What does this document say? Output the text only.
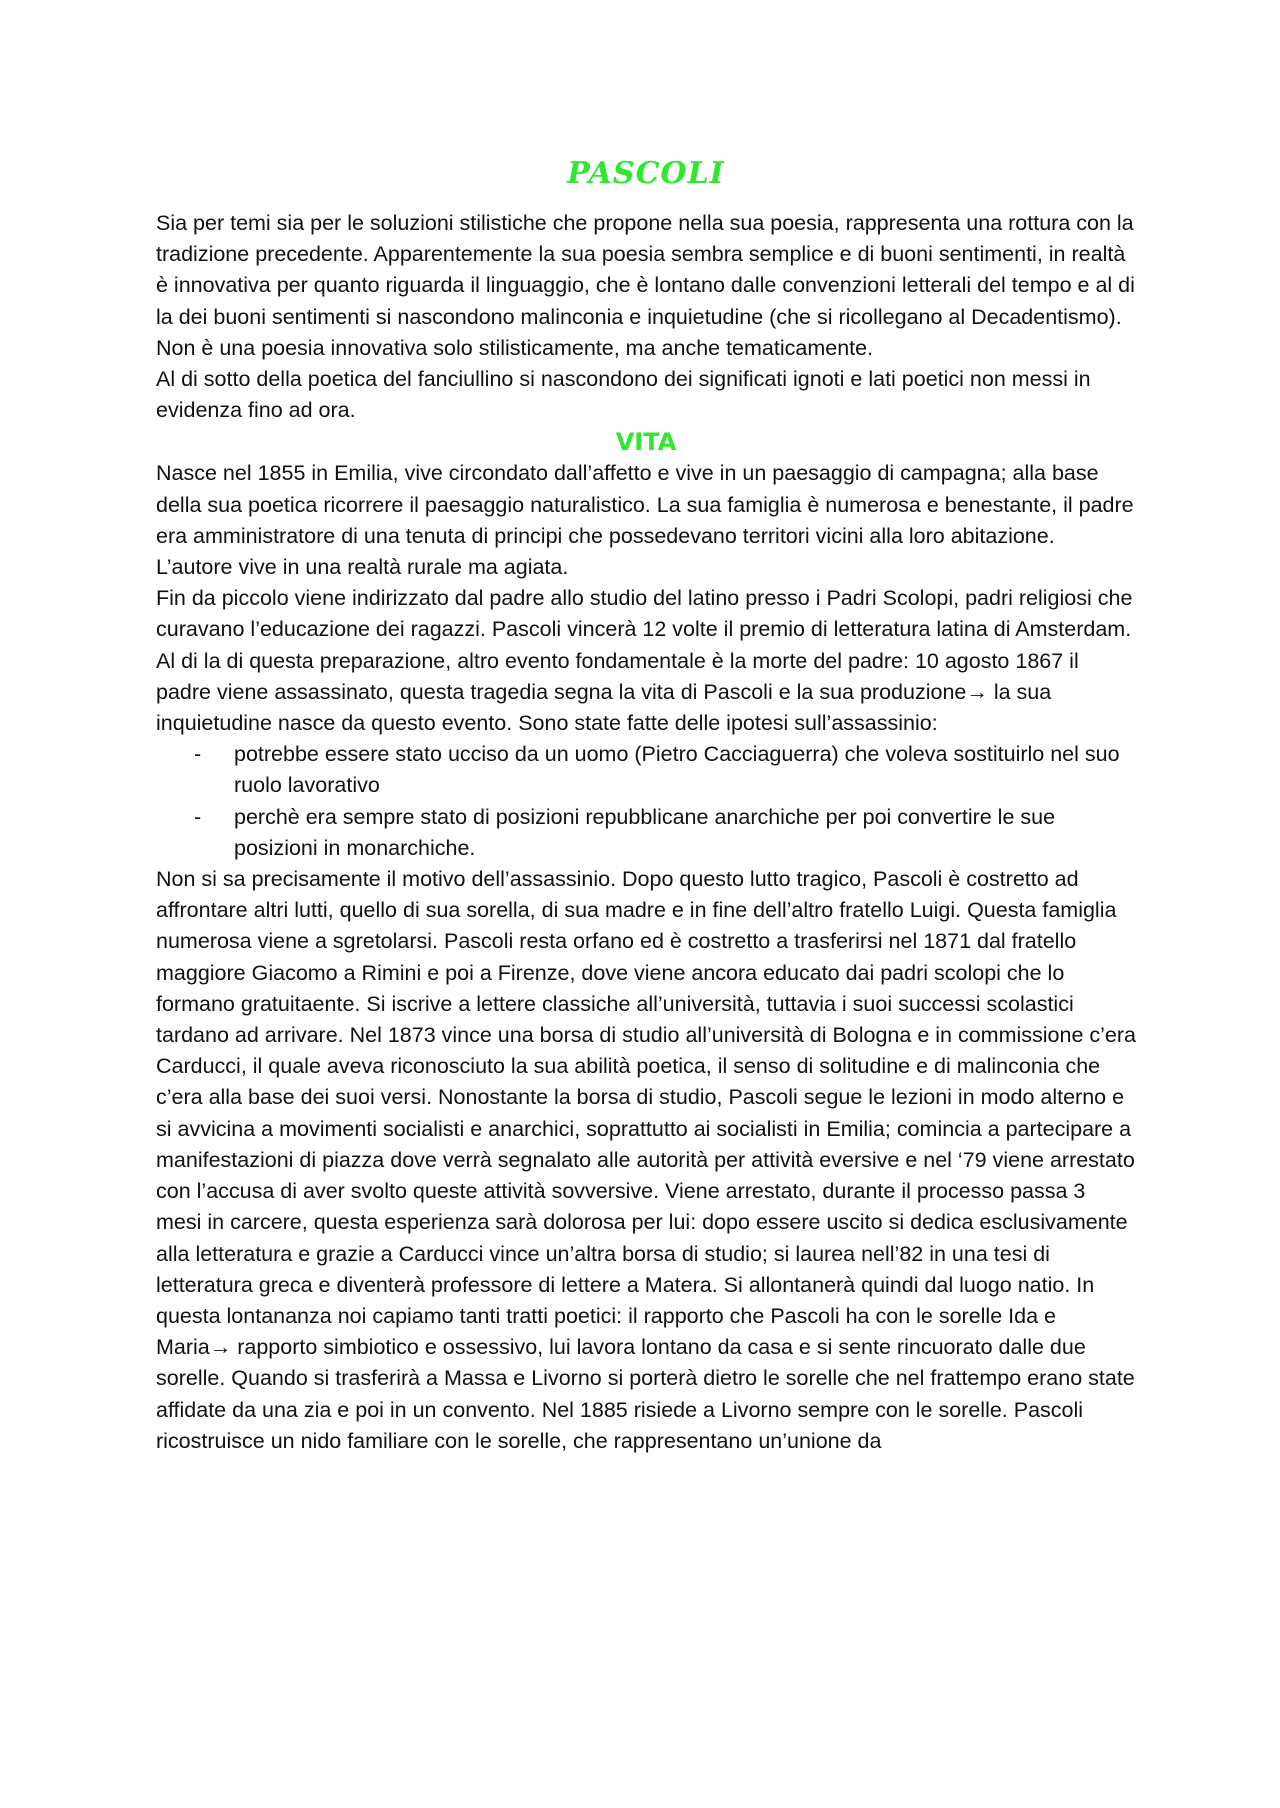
PASCOLI

Sia per temi sia per le soluzioni stilistiche che propone nella sua poesia, rappresenta una rottura con la tradizione precedente. Apparentemente la sua poesia sembra semplice e di buoni sentimenti, in realtà è innovativa per quanto riguarda il linguaggio, che è lontano dalle convenzioni letterali del tempo e al di la dei buoni sentimenti si nascondono malinconia e inquietudine (che si ricollegano al Decadentismo).

Non è una poesia innovativa solo stilisticamente, ma anche tematicamente.

Al di sotto della poetica del fanciullino si nascondono dei significati ignoti e lati poetici non messi in evidenza fino ad ora.

VITA

Nasce nel 1855 in Emilia, vive circondato dall’affetto e vive in un paesaggio di campagna; alla base della sua poetica ricorrere il paesaggio naturalistico. La sua famiglia è numerosa e benestante, il padre era amministratore di una tenuta di principi che possedevano territori vicini alla loro abitazione. L’autore vive in una realtà rurale ma agiata.

Fin da piccolo viene indirizzato dal padre allo studio del latino presso i Padri Scolopi, padri religiosi che curavano l’educazione dei ragazzi. Pascoli vincerà 12 volte il premio di letteratura latina di Amsterdam.

Al di la di questa preparazione, altro evento fondamentale è la morte del padre: 10 agosto 1867 il padre viene assassinato, questa tragedia segna la vita di Pascoli e la sua produzione→ la sua inquietudine nasce da questo evento. Sono state fatte delle ipotesi sull’assassinio:

- potrebbe essere stato ucciso da un uomo (Pietro Cacciaguerra) che voleva sostituirlo nel suo ruolo lavorativo
- perchè era sempre stato di posizioni repubblicane anarchiche per poi convertire le sue posizioni in monarchiche.

Non si sa precisamente il motivo dell’assassinio. Dopo questo lutto tragico, Pascoli è costretto ad affrontare altri lutti, quello di sua sorella, di sua madre e in fine dell’altro fratello Luigi. Questa famiglia numerosa viene a sgretolarsi. Pascoli resta orfano ed è costretto a trasferirsi nel 1871 dal fratello maggiore Giacomo a Rimini e poi a Firenze, dove viene ancora educato dai padri scolopi che lo formano gratuitaente. Si iscrive a lettere classiche all’università, tuttavia i suoi successi scolastici tardano ad arrivare. Nel 1873 vince una borsa di studio all’università di Bologna e in commissione c’era Carducci, il quale aveva riconosciuto la sua abilità poetica, il senso di solitudine e di malinconia che c’era alla base dei suoi versi. Nonostante la borsa di studio, Pascoli segue le lezioni in modo alterno e si avvicina a movimenti socialisti e anarchici, soprattutto ai socialisti in Emilia; comincia a partecipare a manifestazioni di piazza dove verrà segnalato alle autorità per attività eversive e nel ‘79 viene arrestato con l’accusa di aver svolto queste attività sovversive. Viene arrestato, durante il processo passa 3 mesi in carcere, questa esperienza sarà dolorosa per lui: dopo essere uscito si dedica esclusivamente alla letteratura e grazie a Carducci vince un’altra borsa di studio; si laurea nell’82 in una tesi di letteratura greca e diventerà professore di lettere a Matera. Si allontanerà quindi dal luogo natio. In questa lontananza noi capiamo tanti tratti poetici: il rapporto che Pascoli ha con le sorelle Ida e Maria→ rapporto simbiotico e ossessivo, lui lavora lontano da casa e si sente rincuorato dalle due sorelle. Quando si trasferirà a Massa e Livorno si porterà dietro le sorelle che nel frattempo erano state affidate da una zia e poi in un convento. Nel 1885 risiede a Livorno sempre con le sorelle. Pascoli ricostruisce un nido familiare con le sorelle, che rappresentano un’unione da
